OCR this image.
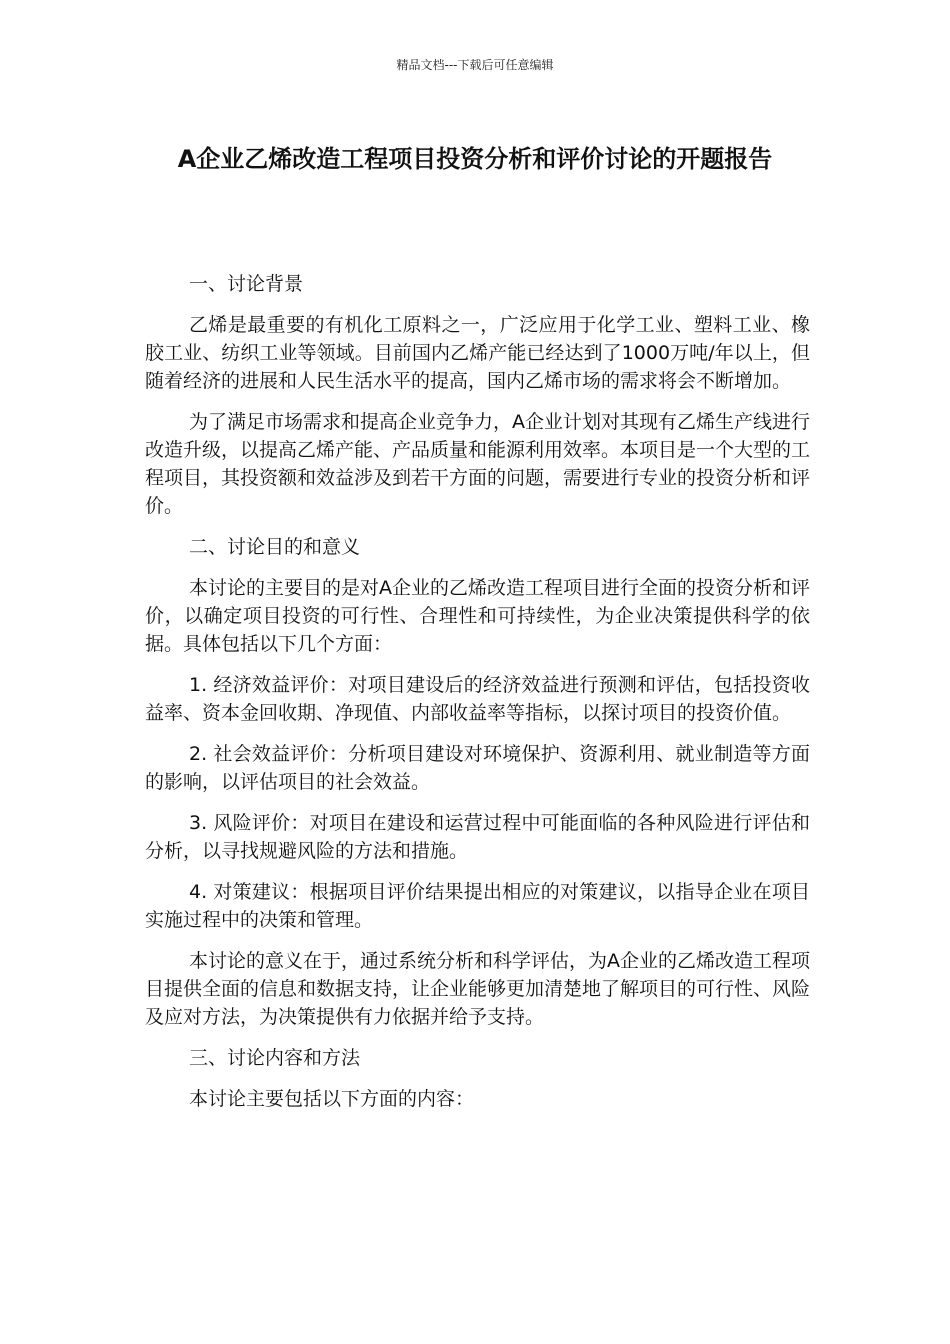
精品文档---下载后可任意编辑
A企业乙烯改造工程项目投资分析和评价讨论的开题报告
一、讨论背景
乙烯是最重要的有机化工原料之一，广泛应用于化学工业、塑料工业、橡胶工业、纺织工业等领域。目前国内乙烯产能已经达到了1000万吨/年以上，但随着经济的进展和人民生活水平的提高，国内乙烯市场的需求将会不断增加。
为了满足市场需求和提高企业竞争力，A企业计划对其现有乙烯生产线进行改造升级，以提高乙烯产能、产品质量和能源利用效率。本项目是一个大型的工程项目，其投资额和效益涉及到若干方面的问题，需要进行专业的投资分析和评价。
二、讨论目的和意义
本讨论的主要目的是对A企业的乙烯改造工程项目进行全面的投资分析和评价，以确定项目投资的可行性、合理性和可持续性，为企业决策提供科学的依据。具体包括以下几个方面：
1. 经济效益评价：对项目建设后的经济效益进行预测和评估，包括投资收益率、资本金回收期、净现值、内部收益率等指标，以探讨项目的投资价值。
2. 社会效益评价：分析项目建设对环境保护、资源利用、就业制造等方面的影响，以评估项目的社会效益。
3. 风险评价：对项目在建设和运营过程中可能面临的各种风险进行评估和分析，以寻找规避风险的方法和措施。
4. 对策建议：根据项目评价结果提出相应的对策建议，以指导企业在项目实施过程中的决策和管理。
本讨论的意义在于，通过系统分析和科学评估，为A企业的乙烯改造工程项目提供全面的信息和数据支持，让企业能够更加清楚地了解项目的可行性、风险及应对方法，为决策提供有力依据并给予支持。
三、讨论内容和方法
本讨论主要包括以下方面的内容：
